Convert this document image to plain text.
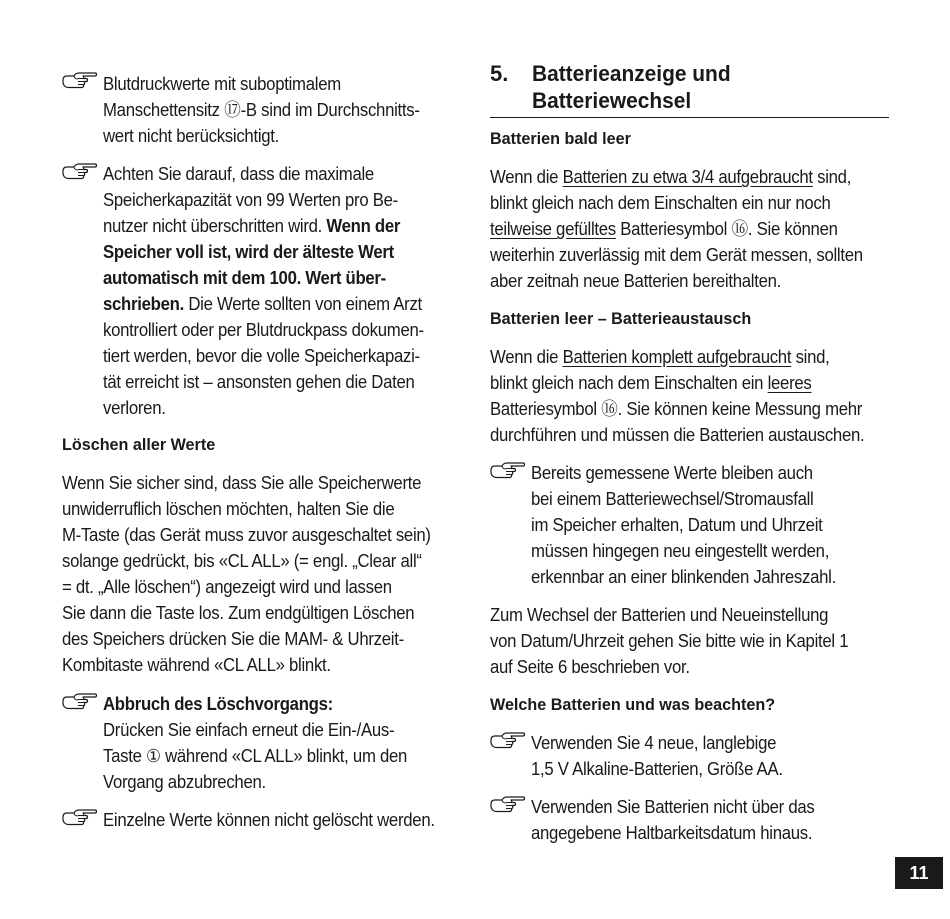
Blutdruckwerte mit suboptimalem
Manschettensitz ⑰-B sind im Durchschnitts-
wert nicht berücksichtigt.
Achten Sie darauf, dass die maximale
Speicherkapazität von 99 Werten pro Be-
nutzer nicht überschritten wird. Wenn der
Speicher voll ist, wird der älteste Wert
automatisch mit dem 100. Wert über-
schrieben. Die Werte sollten von einem Arzt
kontrolliert oder per Blutdruckpass dokumen-
tiert werden, bevor die volle Speicherkapazi-
tät erreicht ist – ansonsten gehen die Daten
verloren.
Löschen aller Werte
Wenn Sie sicher sind, dass Sie alle Speicherwerte
unwiderruflich löschen möchten, halten Sie die
M-Taste (das Gerät muss zuvor ausgeschaltet sein)
solange gedrückt, bis «CL ALL» (= engl. „Clear all“
= dt. „Alle löschen“) angezeigt wird und lassen
Sie dann die Taste los. Zum endgültigen Löschen
des Speichers drücken Sie die MAM- & Uhrzeit-
Kombitaste während «CL ALL» blinkt.
Abbruch des Löschvorgangs:
Drücken Sie einfach erneut die Ein-/Aus-
Taste ① während «CL ALL» blinkt, um den
Vorgang abzubrechen.
Einzelne Werte können nicht gelöscht werden.
5. Batterieanzeige und
Batteriewechsel
Batterien bald leer
Wenn die Batterien zu etwa 3/4 aufgebraucht sind,
blinkt gleich nach dem Einschalten ein nur noch
teilweise gefülltes Batteriesymbol ⑯. Sie können
weiterhin zuverlässig mit dem Gerät messen, sollten
aber zeitnah neue Batterien bereithalten.
Batterien leer – Batterieaustausch
Wenn die Batterien komplett aufgebraucht sind,
blinkt gleich nach dem Einschalten ein leeres
Batteriesymbol ⑯. Sie können keine Messung mehr
durchführen und müssen die Batterien austauschen.
Bereits gemessene Werte bleiben auch
bei einem Batteriewechsel/Stromausfall
im Speicher erhalten, Datum und Uhrzeit
müssen hingegen neu eingestellt werden,
erkennbar an einer blinkenden Jahreszahl.
Zum Wechsel der Batterien und Neueinstellung
von Datum/Uhrzeit gehen Sie bitte wie in Kapitel 1
auf Seite 6 beschrieben vor.
Welche Batterien und was beachten?
Verwenden Sie 4 neue, langlebige
1,5 V Alkaline-Batterien, Größe AA.
Verwenden Sie Batterien nicht über das
angegebene Haltbarkeitsdatum hinaus.
11
